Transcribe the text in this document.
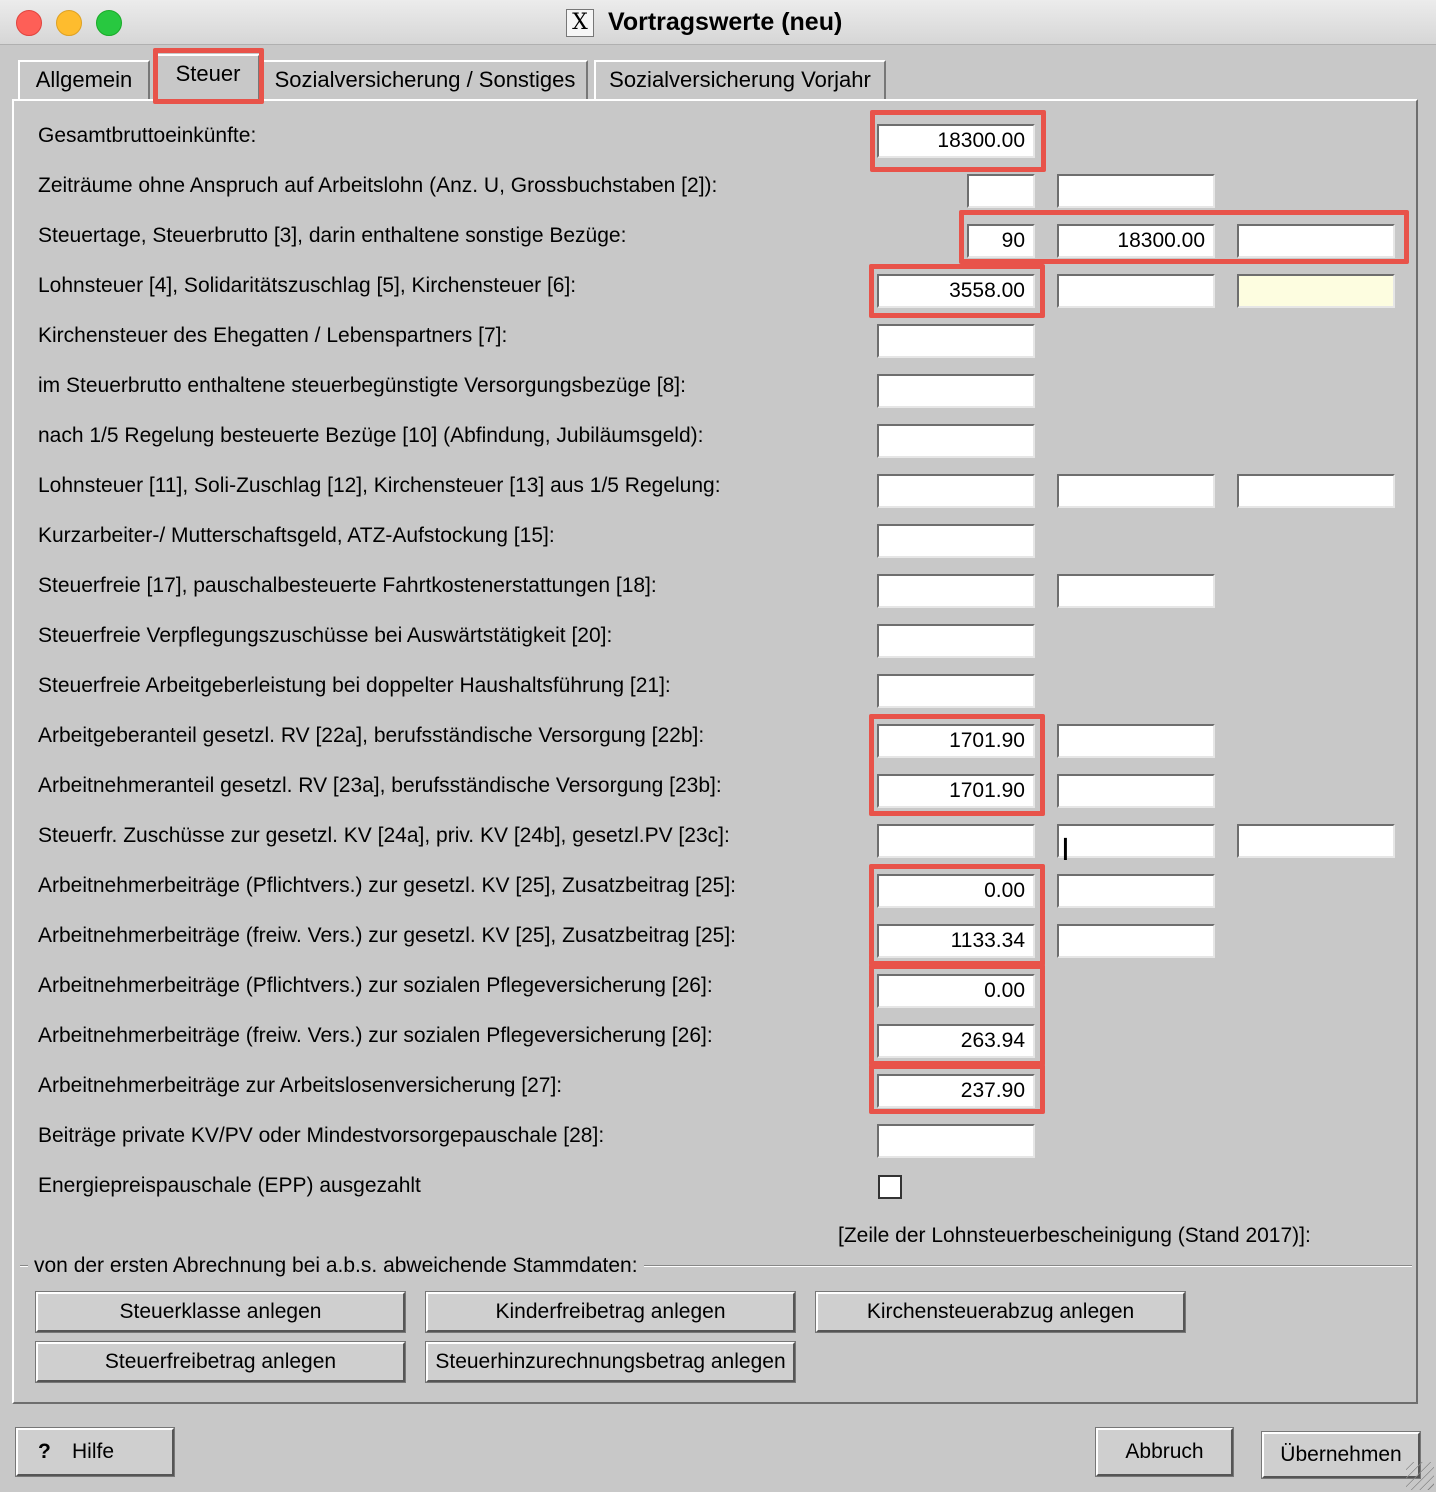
X Vortragswerte (neu)
Allgemein	Steuer	Sozialversicherung / Sonstiges	Sozialversicherung Vorjahr
Gesamtbruttoeinkünfte:	18300.00
Zeiträume ohne Anspruch auf Arbeitslohn (Anz. U, Grossbuchstaben [2]):
Steuertage, Steuerbrutto [3], darin enthaltene sonstige Bezüge:	90	18300.00
Lohnsteuer [4], Solidaritätszuschlag [5], Kirchensteuer [6]:	3558.00
Kirchensteuer des Ehegatten / Lebenspartners [7]:
im Steuerbrutto enthaltene steuerbegünstigte Versorgungsbezüge [8]:
nach 1/5 Regelung besteuerte Bezüge [10] (Abfindung, Jubiläumsgeld):
Lohnsteuer [11], Soli-Zuschlag [12], Kirchensteuer [13] aus 1/5 Regelung:
Kurzarbeiter-/ Mutterschaftsgeld, ATZ-Aufstockung [15]:
Steuerfreie [17], pauschalbesteuerte Fahrtkostenerstattungen [18]:
Steuerfreie Verpflegungszuschüsse bei Auswärtstätigkeit [20]:
Steuerfreie Arbeitgeberleistung bei doppelter Haushaltsführung [21]:
Arbeitgeberanteil gesetzl. RV [22a], berufsständische Versorgung [22b]:	1701.90
Arbeitnehmeranteil gesetzl. RV [23a], berufsständische Versorgung [23b]:	1701.90
Steuerfr. Zuschüsse zur gesetzl. KV [24a], priv. KV [24b], gesetzl.PV [23c]:	I
Arbeitnehmerbeiträge (Pflichtvers.) zur gesetzl. KV [25], Zusatzbeitrag [25]:	0.00
Arbeitnehmerbeiträge (freiw. Vers.) zur gesetzl. KV [25], Zusatzbeitrag [25]:	1133.34
Arbeitnehmerbeiträge (Pflichtvers.) zur sozialen Pflegeversicherung [26]:	0.00
Arbeitnehmerbeiträge (freiw. Vers.) zur sozialen Pflegeversicherung [26]:	263.94
Arbeitnehmerbeiträge zur Arbeitslosenversicherung [27]:	237.90
Beiträge private KV/PV oder Mindestvorsorgepauschale [28]:
Energiepreispauschale (EPP) ausgezahlt
[Zeile der Lohnsteuerbescheinigung (Stand 2017)]:
von der ersten Abrechnung bei a.b.s. abweichende Stammdaten:
Steuerklasse anlegen	Kinderfreibetrag anlegen	Kirchensteuerabzug anlegen
Steuerfreibetrag anlegen	Steuerhinzurechnungsbetrag anlegen
? Hilfe	Abbruch	Übernehmen
